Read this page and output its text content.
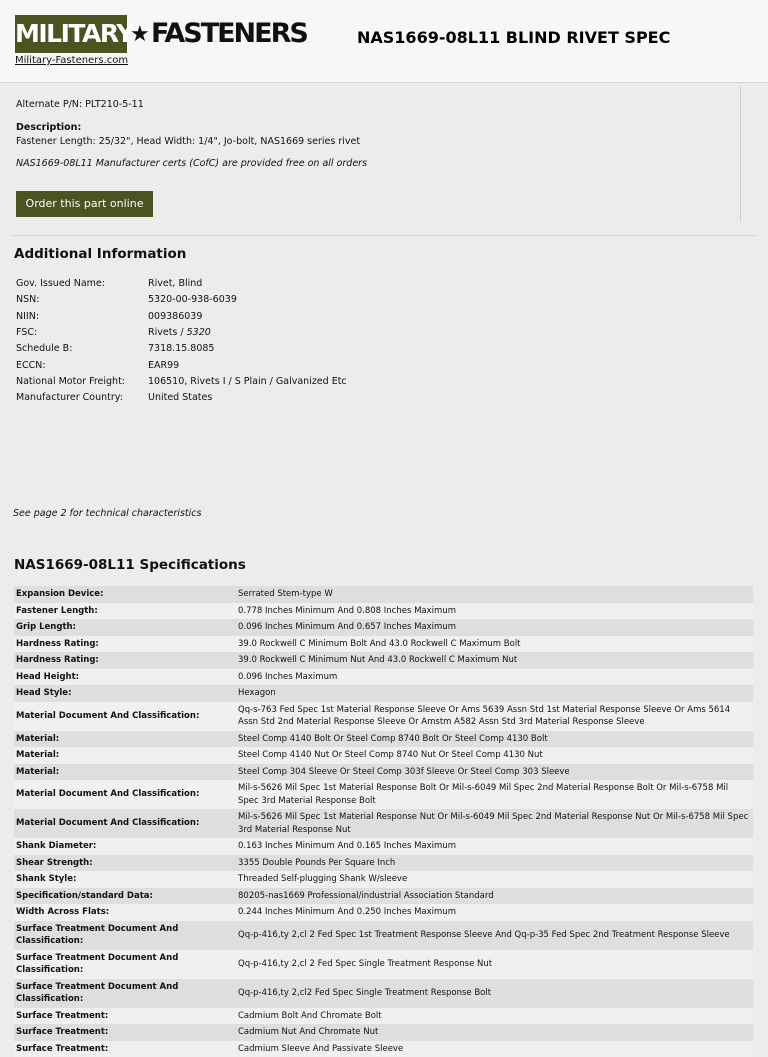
MILITARY
★ FASTENERS
Military-Fasteners.com
NAS1669-08L11 BLIND RIVET SPEC
Alternate P/N: PLT210-5-11
Description:
Fastener Length: 25/32", Head Width: 1/4", Jo-bolt, NAS1669 series rivet
NAS1669-08L11 Manufacturer certs (CofC) are provided free on all orders
Order this part online
Additional Information
Gov. Issued Name:	Rivet, Blind
NSN:	5320-00-938-6039
NIIN:	009386039
FSC:	Rivets / 5320
Schedule B:	7318.15.8085
ECCN:	EAR99
National Motor Freight: 106510, Rivets I / S Plain / Galvanized Etc
Manufacturer Country:	United States
See page 2 for technical characteristics
NAS1669-08L11 Specifications
Expansion Device:	Serrated Stem-type W
Fastener Length:	0.778 Inches Minimum And 0.808 Inches Maximum
Grip Length:	0.096 Inches Minimum And 0.657 Inches Maximum
Hardness Rating:	39.0 Rockwell C Minimum Bolt And 43.0 Rockwell C Maximum Bolt
Hardness Rating:	39.0 Rockwell C Minimum Nut And 43.0 Rockwell C Maximum Nut
Head Height:	0.096 Inches Maximum
Head Style:	Hexagon
Material Document And Classification:	Qq-s-763 Fed Spec 1st Material Response Sleeve Or Ams 5639 Assn Std 1st Material Response Sleeve Or Ams 5614 Assn Std 2nd Material Response Sleeve Or Amstm A582 Assn Std 3rd Material Response Sleeve
Material:	Steel Comp 4140 Bolt Or Steel Comp 8740 Bolt Or Steel Comp 4130 Bolt
Material:	Steel Comp 4140 Nut Or Steel Comp 8740 Nut Or Steel Comp 4130 Nut
Material:	Steel Comp 304 Sleeve Or Steel Comp 303f Sleeve Or Steel Comp 303 Sleeve
Material Document And Classification:	Mil-s-5626 Mil Spec 1st Material Response Bolt Or Mil-s-6049 Mil Spec 2nd Material Response Bolt Or Mil-s-6758 Mil Spec 3rd Material Response Bolt
Material Document And Classification:	Mil-s-5626 Mil Spec 1st Material Response Nut Or Mil-s-6049 Mil Spec 2nd Material Response Nut Or Mil-s-6758 Mil Spec 3rd Material Response Nut
Shank Diameter:	0.163 Inches Minimum And 0.165 Inches Maximum
Shear Strength:	3355 Double Pounds Per Square Inch
Shank Style:	Threaded Self-plugging Shank W/sleeve
Specification/standard Data:	80205-nas1669 Professional/industrial Association Standard
Width Across Flats:	0.244 Inches Minimum And 0.250 Inches Maximum
Surface Treatment Document And Classification:	Qq-p-416,ty 2,cl 2 Fed Spec 1st Treatment Response Sleeve And Qq-p-35 Fed Spec 2nd Treatment Response Sleeve
Surface Treatment Document And Classification:	Qq-p-416,ty 2,cl 2 Fed Spec Single Treatment Response Nut
Surface Treatment Document And Classification:	Qq-p-416,ty 2,cl2 Fed Spec Single Treatment Response Bolt
Surface Treatment:	Cadmium Bolt And Chromate Bolt
Surface Treatment:	Cadmium Nut And Chromate Nut
Surface Treatment:	Cadmium Sleeve And Passivate Sleeve
